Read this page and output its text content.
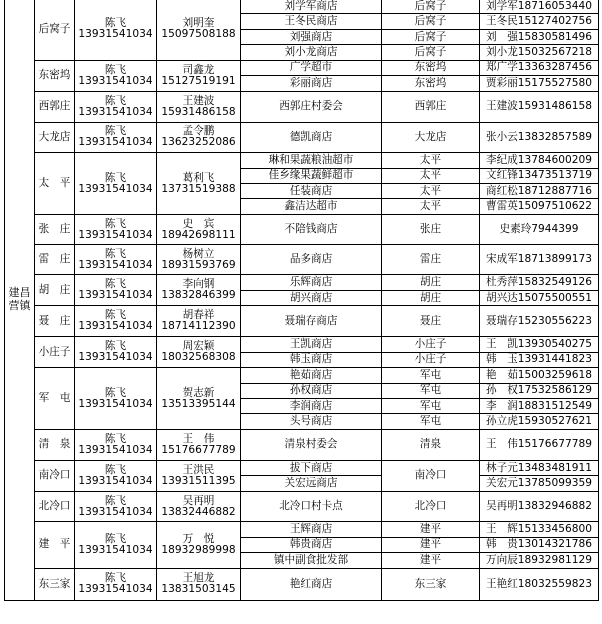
建昌营镇	后窝子	陈飞
13931541034	刘明奎
15097508188	刘学军商店	后窝子	刘学军18716053440
				王冬民商店	后窝子	王冬民15127402756
				刘强商店	后窝子	刘　强15830581496
				刘小龙商店	后窝子	刘小龙15032567218
	东密坞	陈飞
13931541034	司鑫龙
15127519191	广学超市	东密坞	郑广学13363287456
				彩丽商店	东密坞	贾彩丽15175527580
	西郭庄	陈飞
13931541034	王建波
15931486158	西郭庄村委会	西郭庄	王建波15931486158
	大龙店	陈飞
13931541034	孟令鹏
13623252086	德凯商店	大龙店	张小云13832857589
	太　平	陈飞
13931541034	葛利飞
13731519388	琳和果蔬粮油超市	太平	李纪成13784600209
				佳乡缘果蔬鲜超市	太平	文红锋13473513719
				任装商店	太平	商红松18712887716
				鑫洁达超市	太平	曹雷英15097510622
	张　庄	陈飞
13931541034	史　宾
18942698111	不陪钱商店	张庄	史素玲7944399
	雷　庄	陈飞
13931541034	杨树立
18931593769	品多商店	雷庄	宋成军18713899173
	胡　庄	陈飞
13931541034	李向钢
13832846399	乐辉商店	胡庄	杜秀萍15832549126
				胡兴商店	胡庄	胡兴达15075500551
	聂　庄	陈飞
13931541034	胡春祥
18714112390	聂瑞存商店	聂庄	聂瑞存15230556223
	小庄子	陈飞
13931541034	周宏颖
18032568308	王凯商店	小庄子	王　凯13930540275
				韩玉商店	小庄子	韩　玉13931441823
	军　屯	陈飞
13931541034	贺志新
13513395144	艳茹商店	军屯	艳　茹15003259618
				孙权商店	军屯	孙　权17532586129
				李润商店	军屯	李　润18831512549
				头号商店	军屯	孙立虎15930527621
	清　泉	陈飞
13931541034	王　伟
15176677789	清泉村委会	清泉	王　伟15176677789
	南冷口	陈飞
13931541034	王洪民
13931511395	拔下商店	南冷口	林子元13483481911
				关宏远商店		关宏元13785099359
	北冷口	陈飞
13931541034	吴再明
13832446882	北冷口村卡点	北冷口	吴再明13832946882
	建　平	陈飞
13931541034	万　悦
18932989998	王辉商店	建平	王　辉15133456800
				韩贵商店	建平	韩　贵13014321786
				镇中副食批发部	建平	万向辰18932981129
	东三家	陈飞
13931541034	王旭龙
13831503145	艳红商店	东三家	王艳红18032559823
